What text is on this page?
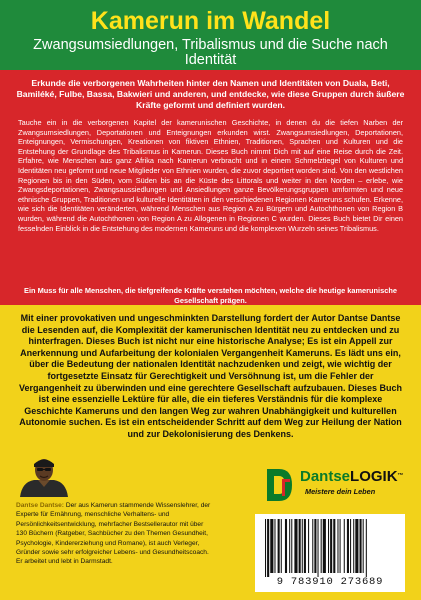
Kamerun im Wandel
Zwangsumsiedlungen, Tribalismus und die Suche nach Identität
Erkunde die verborgenen Wahrheiten hinter den Namen und Identitäten von Duala, Beti, Bamiléké, Fulbe, Bassa, Bakwieri und anderen, und entdecke, wie diese Gruppen durch äußere Kräfte geformt und definiert wurden.
Tauche ein in die verborgenen Kapitel der kamerunischen Geschichte, in denen du die tiefen Narben der Zwangsumsiedlungen, Deportationen und Enteignungen erkunden wirst. Zwangsumsiedlungen, Deportationen, Enteignungen, Vermischungen, Kreationen von fiktiven Ethnien, Traditionen, Sprachen und Kulturen und die Entstehung der Grundlage des Tribalismus in Kamerun. Dieses Buch nimmt Dich mit auf eine Reise durch die Zeit. Erfahre, wie Menschen aus ganz Afrika nach Kamerun verbracht und in einem Schmelztiegel von Kulturen und Identitäten neu geformt und neue Mitglieder von Ethnien wurden, die zuvor deportiert worden sind. Von den westlichen Regionen bis in den Süden, vom Süden bis an die Küste des Littorals und weiter in den Norden – erlebe, wie Zwangsdeportationen, Zwangsaussiedlungen und Ansiedlungen ganze Bevölkerungsgruppen umformten und neue ethnische Gruppen, Traditionen und kulturelle Identitäten in den verschiedenen Regionen Kameruns schufen. Erkenne, wie sich die Identitäten veränderten, während Menschen aus Region A zu Bürgern und Autochthonen von Region B wurden, während die Autochthonen von Region A zu Allogenen in Regionen C wurden. Dieses Buch bietet Dir einen fesselnden Einblick in die Entstehung des modernen Kameruns und die komplexen Wurzeln seines Tribalismus.
Ein Muss für alle Menschen, die tiefgreifende Kräfte verstehen möchten, welche die heutige kamerunische Gesellschaft prägen.
Mit einer provokativen und ungeschminkten Darstellung fordert der Autor Dantse Dantse die Lesenden auf, die Komplexität der kamerunischen Identität neu zu entdecken und zu hinterfragen. Dieses Buch ist nicht nur eine historische Analyse; Es ist ein Appell zur Anerkennung und Aufarbeitung der kolonialen Vergangenheit Kameruns. Es lädt uns ein, über die Bedeutung der nationalen Identität nachzudenken und zeigt, wie wichtig der fortgesetzte Einsatz für Gerechtigkeit und Versöhnung ist, um die Fehler der Vergangenheit zu überwinden und eine gerechtere Gesellschaft aufzubauen. Dieses Buch ist eine essenzielle Lektüre für alle, die ein tieferes Verständnis für die komplexe Geschichte Kameruns und den langen Weg zur wahren Unabhängigkeit und kulturellen Autonomie suchen. Es ist ein entscheidender Schritt auf dem Weg zur Heilung der Nation und zur Dekolonisierung des Denkens.
Dantse Dantse: Der aus Kamerun stammende Wissenslehrer, der Experte für Ernährung, menschliche Verhaltens- und Persönlichkeitsentwicklung, mehrfacher Bestsellerautor mit über 130 Büchern (Ratgeber, Sachbücher zu den Themen Gesundheit, Psychologie, Kindererziehung und Romane), ist auch Verleger, Gründer sowie sehr erfolgreicher Lebens- und Gesundheitscoach. Er arbeitet und lebt in Darmstadt.
DantseLOGIK™
Meistere dein Leben
9 783910 273689
